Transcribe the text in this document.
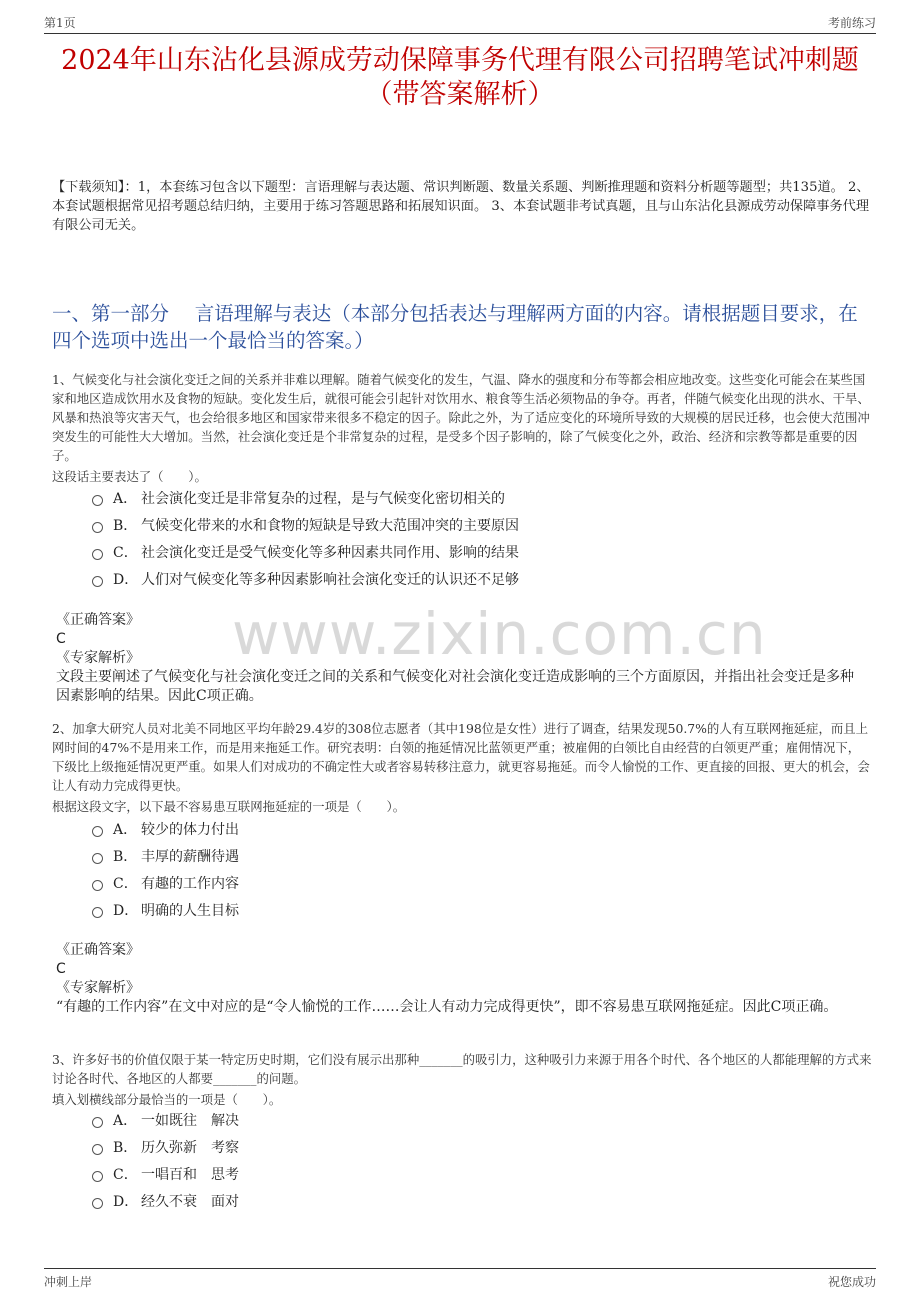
第1页	考前练习
2024年山东沾化县源成劳动保障事务代理有限公司招聘笔试冲刺题（带答案解析）
【下载须知】：1，本套练习包含以下题型：言语理解与表达题、常识判断题、数量关系题、判断推理题和资料分析题等题型；共135道。 2、本套试题根据常见招考题总结归纳，主要用于练习答题思路和拓展知识面。 3、本套试题非考试真题，且与山东沾化县源成劳动保障事务代理有限公司无关。
一、第一部分　 言语理解与表达（本部分包括表达与理解两方面的内容。请根据题目要求，在四个选项中选出一个最恰当的答案。）
1、气候变化与社会演化变迁之间的关系并非难以理解。随着气候变化的发生，气温、降水的强度和分布等都会相应地改变。这些变化可能会在某些国家和地区造成饮用水及食物的短缺。变化发生后，就很可能会引起针对饮用水、粮食等生活必须物品的争夺。再者，伴随气候变化出现的洪水、干旱、风暴和热浪等灾害天气，也会给很多地区和国家带来很多不稳定的因子。除此之外，为了适应变化的环境所导致的大规模的居民迁移，也会使大范围冲突发生的可能性大大增加。当然，社会演化变迁是个非常复杂的过程，是受多个因子影响的，除了气候变化之外，政治、经济和宗教等都是重要的因子。
这段话主要表达了（　　）。
A． 社会演化变迁是非常复杂的过程，是与气候变化密切相关的
B． 气候变化带来的水和食物的短缺是导致大范围冲突的主要原因
C． 社会演化变迁是受气候变化等多种因素共同作用、影响的结果
D． 人们对气候变化等多种因素影响社会演化变迁的认识还不足够
《正确答案》
C
《专家解析》
文段主要阐述了气候变化与社会演化变迁之间的关系和气候变化对社会演化变迁造成影响的三个方面原因，并指出社会变迁是多种因素影响的结果。因此C项正确。
2、加拿大研究人员对北美不同地区平均年龄29.4岁的308位志愿者（其中198位是女性）进行了调查，结果发现50.7%的人有互联网拖延症，而且上网时间的47%不是用来工作，而是用来拖延工作。研究表明：白领的拖延情况比蓝领更严重；被雇佣的白领比自由经营的白领更严重；雇佣情况下，下级比上级拖延情况更严重。如果人们对成功的不确定性大或者容易转移注意力，就更容易拖延。而令人愉悦的工作、更直接的回报、更大的机会，会让人有动力完成得更快。
根据这段文字，以下最不容易患互联网拖延症的一项是（　　）。
A． 较少的体力付出
B． 丰厚的薪酬待遇
C． 有趣的工作内容
D． 明确的人生目标
《正确答案》
C
《专家解析》
“有趣的工作内容”在文中对应的是“令人愉悦的工作……会让人有动力完成得更快”，即不容易患互联网拖延症。因此C项正确。
3、许多好书的价值仅限于某一特定历史时期，它们没有展示出那种_______的吸引力，这种吸引力来源于用各个时代、各个地区的人都能理解的方式来讨论各时代、各地区的人都要_______的问题。
填入划横线部分最恰当的一项是（　　）。
A． 一如既往　解决
B． 历久弥新　考察
C． 一唱百和　思考
D． 经久不衰　面对
www.zixin.com.cn
冲刺上岸	祝您成功
